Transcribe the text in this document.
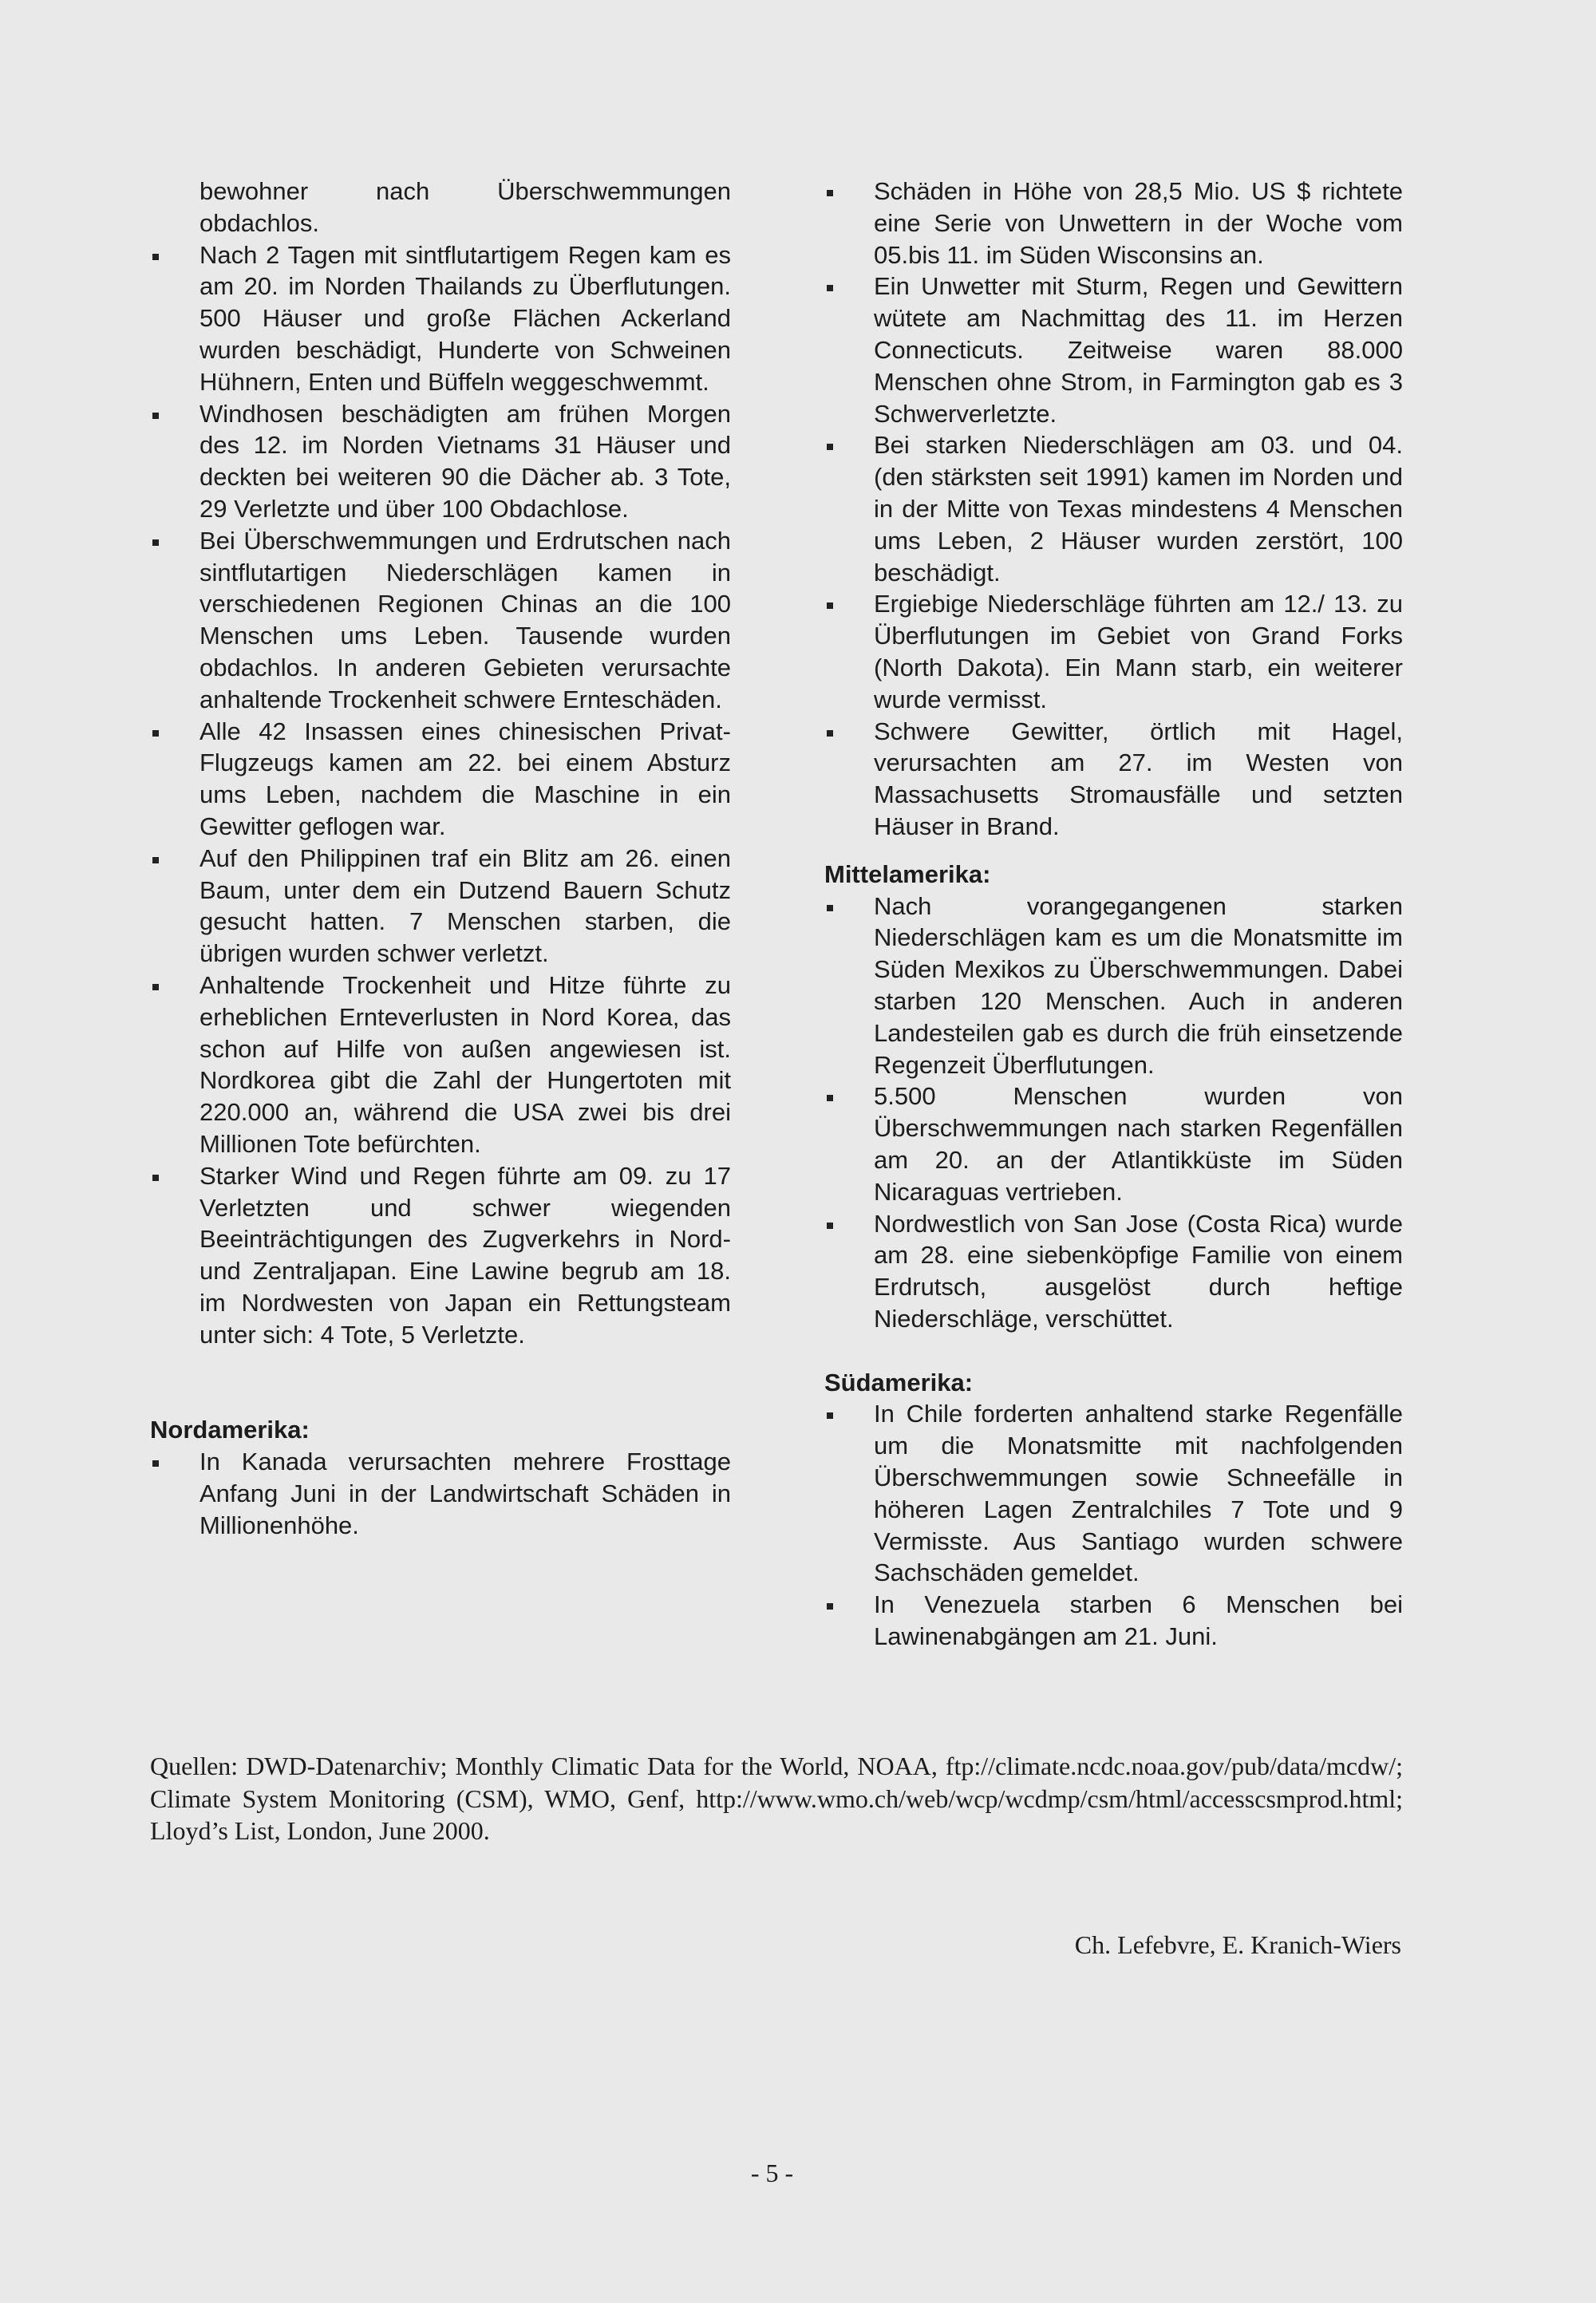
bewohner nach Überschwemmungen obdachlos.

Nach 2 Tagen mit sintflutartigem Regen kam es am 20. im Norden Thailands zu Überflutungen. 500 Häuser und große Flächen Ackerland wurden beschädigt, Hunderte von Schweinen Hühnern, Enten und Büffeln weggeschwemmt.
Windhosen beschädigten am frühen Morgen des 12. im Norden Vietnams 31 Häuser und deckten bei weiteren 90 die Dächer ab. 3 Tote, 29 Verletzte und über 100 Obdachlose.
Bei Überschwemmungen und Erdrutschen nach sintflutartigen Niederschlägen kamen in verschiedenen Regionen Chinas an die 100 Menschen ums Leben. Tausende wurden obdachlos. In anderen Gebieten verursachte anhaltende Trockenheit schwere Ernteschäden.
Alle 42 Insassen eines chinesischen Privat-Flugzeugs kamen am 22. bei einem Absturz ums Leben, nachdem die Maschine in ein Gewitter geflogen war.
Auf den Philippinen traf ein Blitz am 26. einen Baum, unter dem ein Dutzend Bauern Schutz gesucht hatten. 7 Menschen starben, die übrigen wurden schwer verletzt.
Anhaltende Trockenheit und Hitze führte zu erheblichen Ernteverlusten in Nord Korea, das schon auf Hilfe von außen angewiesen ist. Nordkorea gibt die Zahl der Hungertoten mit 220.000 an, während die USA zwei bis drei Millionen Tote befürchten.
Starker Wind und Regen führte am 09. zu 17 Verletzten und schwer wiegenden Beeinträchtigungen des Zugverkehrs in Nord- und Zentraljapan. Eine Lawine begrub am 18. im Nordwesten von Japan ein Rettungsteam unter sich: 4 Tote, 5 Verletzte.

Nordamerika:

In Kanada verursachten mehrere Frosttage Anfang Juni in der Landwirtschaft Schäden in Millionenhöhe.
Schäden in Höhe von 28,5 Mio. US $ richtete eine Serie von Unwettern in der Woche vom 05.bis 11. im Süden Wisconsins an.
Ein Unwetter mit Sturm, Regen und Gewittern wütete am Nachmittag des 11. im Herzen Connecticuts. Zeitweise waren 88.000 Menschen ohne Strom, in Farmington gab es 3 Schwerverletzte.
Bei starken Niederschlägen am 03. und 04. (den stärksten seit 1991) kamen im Norden und in der Mitte von Texas mindestens 4 Menschen ums Leben, 2 Häuser wurden zerstört, 100 beschädigt.
Ergiebige Niederschläge führten am 12./ 13. zu Überflutungen im Gebiet von Grand Forks (North Dakota). Ein Mann starb, ein weiterer wurde vermisst.
Schwere Gewitter, örtlich mit Hagel, verursachten am 27. im Westen von Massachusetts Stromausfälle und setzten Häuser in Brand.

Mittelamerika:

Nach vorangegangenen starken Niederschlägen kam es um die Monatsmitte im Süden Mexikos zu Überschwemmungen. Dabei starben 120 Menschen. Auch in anderen Landesteilen gab es durch die früh einsetzende Regenzeit Überflutungen.
5.500 Menschen wurden von Überschwemmungen nach starken Regenfällen am 20. an der Atlantikküste im Süden Nicaraguas vertrieben.
Nordwestlich von San Jose (Costa Rica) wurde am 28. eine siebenköpfige Familie von einem Erdrutsch, ausgelöst durch heftige Niederschläge, verschüttet.

Südamerika:

In Chile forderten anhaltend starke Regenfälle um die Monatsmitte mit nachfolgenden Überschwemmungen sowie Schneefälle in höheren Lagen Zentralchiles 7 Tote und 9 Vermisste. Aus Santiago wurden schwere Sachschäden gemeldet.
In Venezuela starben 6 Menschen bei Lawinenabgängen am 21. Juni.

Quellen: DWD-Datenarchiv; Monthly Climatic Data for the World, NOAA, ftp://climate.ncdc.noaa.gov/pub/data/mcdw/; Climate System Monitoring (CSM), WMO, Genf, http://www.wmo.ch/web/wcp/wcdmp/csm/html/accesscsmprod.html; Lloyd’s List, London, June 2000.

Ch. Lefebvre, E. Kranich-Wiers

- 5 -
